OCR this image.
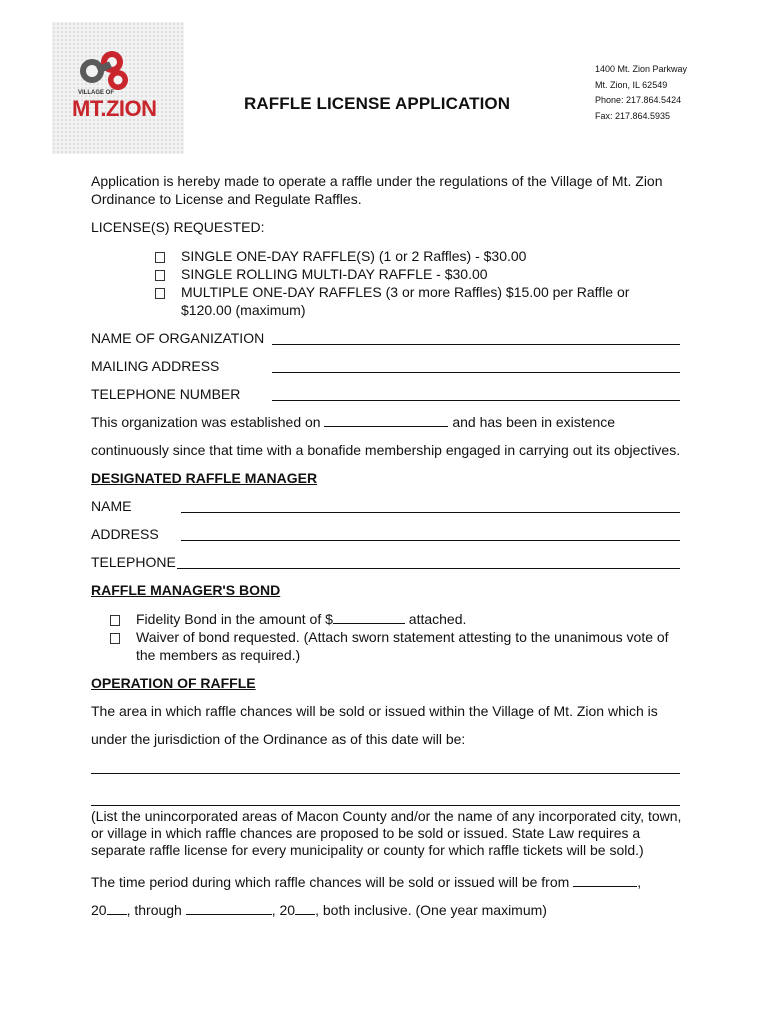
VILLAGE OF
MT.ZION	RAFFLE LICENSE APPLICATION
1400 Mt. Zion Parkway
Mt. Zion, IL 62549
Phone: 217.864.5424
Fax: 217.864.5935
Application is hereby made to operate a raffle under the regulations of the Village of Mt. Zion
Ordinance to License and Regulate Raffles.
LICENSE(S) REQUESTED:
SINGLE ONE-DAY RAFFLE(S) (1 or 2 Raffles) - $30.00
SINGLE ROLLING MULTI-DAY RAFFLE - $30.00
MULTIPLE ONE-DAY RAFFLES (3 or more Raffles) $15.00 per Raffle or
$120.00 (maximum)
NAME OF ORGANIZATION
MAILING ADDRESS
TELEPHONE NUMBER
This organization was established on	and has been in existence
continuously since that time with a bonafide membership engaged in carrying out its objectives.
DESIGNATED RAFFLE MANAGER
NAME
ADDRESS
TELEPHONE
RAFFLE MANAGER'S BOND
Fidelity Bond in the amount of $	attached.
Waiver of bond requested. (Attach sworn statement attesting to the unanimous vote of
the members as required.)
OPERATION OF RAFFLE
The area in which raffle chances will be sold or issued within the Village of Mt. Zion which is
under the jurisdiction of the Ordinance as of this date will be:
(List the unincorporated areas of Macon County and/or the name of any incorporated city, town,
or village in which raffle chances are proposed to be sold or issued. State Law requires a
separate raffle license for every municipality or county for which raffle tickets will be sold.)
The time period during which raffle chances will be sold or issued will be from	,
20 , through	, 20 , both inclusive. (One year maximum)
